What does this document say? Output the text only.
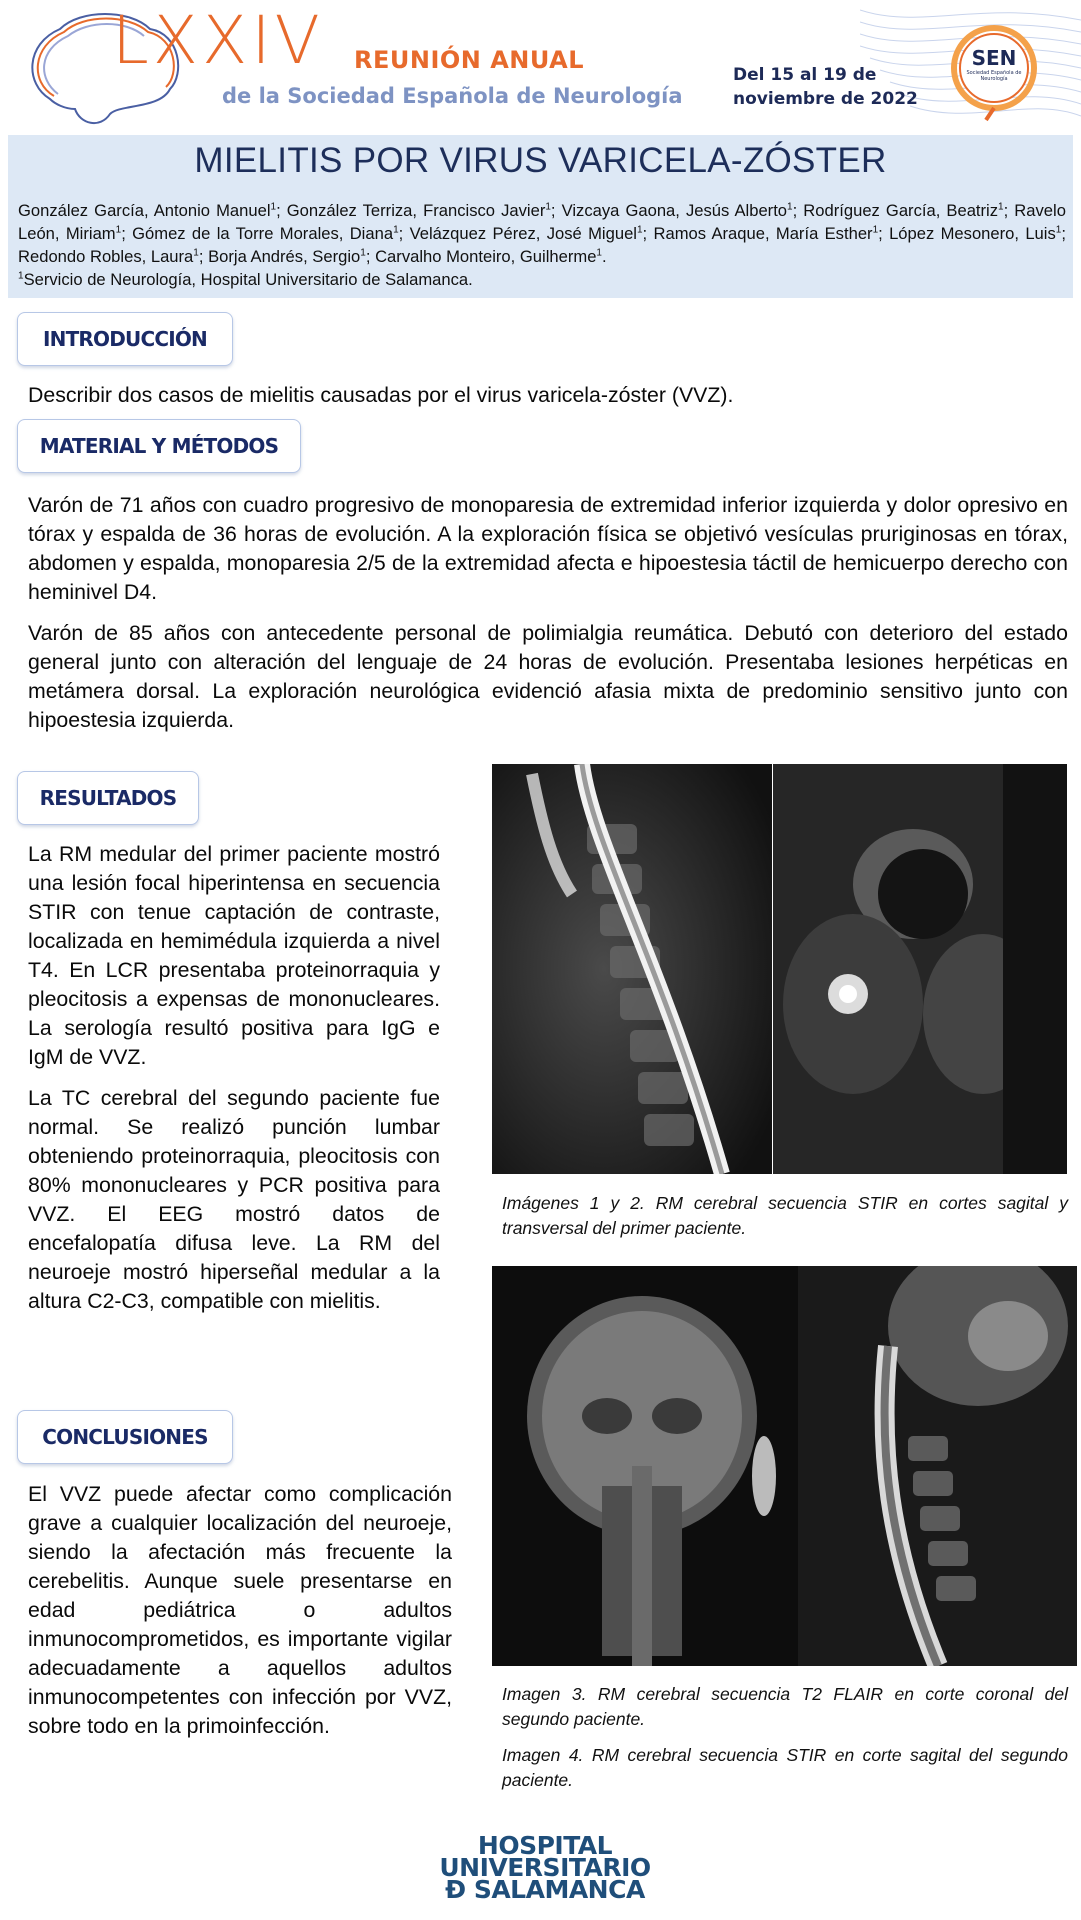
LXXIV REUNIÓN ANUAL
de la Sociedad Española de Neurología
Del 15 al 19 de
noviembre de 2022
SEN
Sociedad Española de Neurología
MIELITIS POR VIRUS VARICELA-ZÓSTER
González García, Antonio Manuel$^1$; González Terriza, Francisco Javier$^1$; Vizcaya Gaona, Jesús Alberto$^1$; Rodríguez García, Beatriz$^1$; Ravelo León, Miriam$^1$; Gómez de la Torre Morales, Diana$^1$; Velázquez Pérez, José Miguel$^1$; Ramos Araque, María Esther$^1$; López Mesonero, Luis$^1$; Redondo Robles, Laura$^1$; Borja Andrés, Sergio$^1$; Carvalho Monteiro, Guilherme$^1$.
$^1$Servicio de Neurología, Hospital Universitario de Salamanca.
INTRODUCCIÓN
Describir dos casos de mielitis causadas por el virus varicela-zóster (VVZ).
MATERIAL Y MÉTODOS

Varón de 71 años con cuadro progresivo de monoparesia de extremidad inferior izquierda y dolor opresivo en tórax y espalda de 36 horas de evolución. A la exploración física se objetivó vesículas pruriginosas en tórax, abdomen y espalda, monoparesia 2/5 de la extremidad afecta e hipoestesia táctil de hemicuerpo derecho con heminivel D4.

Varón de 85 años con antecedente personal de polimialgia reumática. Debutó con deterioro del estado general junto con alteración del lenguaje de 24 horas de evolución. Presentaba lesiones herpéticas en metámera dorsal. La exploración neurológica evidenció afasia mixta de predominio sensitivo junto con hipoestesia izquierda.

RESULTADOS

La RM medular del primer paciente mostró una lesión focal hiperintensa en secuencia STIR con tenue captación de contraste, localizada en hemimédula izquierda a nivel T4. En LCR presentaba proteinorraquia y pleocitosis a expensas de mononucleares. La serología resultó positiva para IgG e IgM de VVZ.

La TC cerebral del segundo paciente fue normal. Se realizó punción lumbar obteniendo proteinorraquia, pleocitosis con 80% mononucleares y PCR positiva para VVZ. El EEG mostró datos de encefalopatía difusa leve. La RM del neuroeje mostró hiperseñal medular a la altura C2-C3, compatible con mielitis.

CONCLUSIONES

El VVZ puede afectar como complicación grave a cualquier localización del neuroeje, siendo la afectación más frecuente la cerebelitis. Aunque suele presentarse en edad pediátrica o adultos inmunocomprometidos, es importante vigilar adecuadamente a aquellos adultos inmunocompetentes con infección por VVZ, sobre todo en la primoinfección.

Imágenes 1 y 2. RM cerebral secuencia STIR en cortes sagital y transversal del primer paciente.

Imagen 3. RM cerebral secuencia T2 FLAIR en corte coronal del segundo paciente.

Imagen 4. RM cerebral secuencia STIR en corte sagital del segundo paciente.

HOSPITAL
UNIVERSITARIO
Ð SALAMANCA
